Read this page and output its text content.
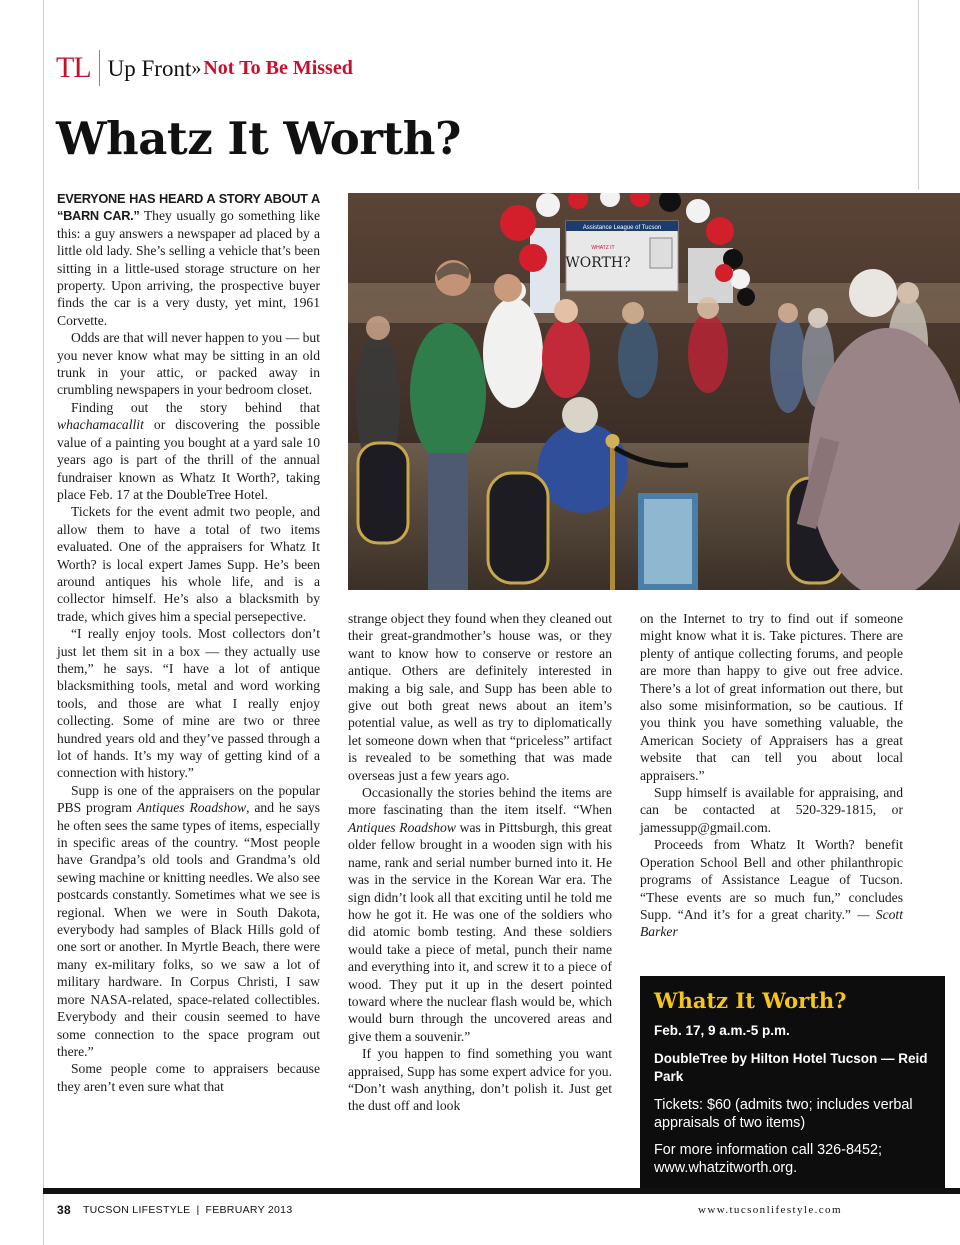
TL Up Front » Not To Be Missed
Whatz It Worth?

EVERYONE HAS HEARD A STORY ABOUT A “BARN CAR.” They usually go something like this: a guy answers a newspaper ad placed by a little old lady. She’s selling a vehicle that’s been sitting in a little-used storage structure on her property. Upon arriving, the prospective buyer finds the car is a very dusty, yet mint, 1961 Corvette.

Odds are that will never happen to you — but you never know what may be sitting in an old trunk in your attic, or packed away in crumbling newspapers in your bedroom closet.

Finding out the story behind that whachamacallit or discovering the possible value of a painting you bought at a yard sale 10 years ago is part of the thrill of the annual fundraiser known as Whatz It Worth?, taking place Feb. 17 at the DoubleTree Hotel.

Tickets for the event admit two people, and allow them to have a total of two items evaluated. One of the appraisers for Whatz It Worth? is local expert James Supp. He’s been around antiques his whole life, and is a collector himself. He’s also a blacksmith by trade, which gives him a special persepective.

“I really enjoy tools. Most collectors don’t just let them sit in a box — they actually use them,” he says. “I have a lot of antique blacksmithing tools, metal and word working tools, and those are what I really enjoy collecting. Some of mine are two or three hundred years old and they’ve passed through a lot of hands. It’s my way of getting kind of a connection with history.”

Supp is one of the appraisers on the popular PBS program Antiques Roadshow, and he says he often sees the same types of items, especially in specific areas of the country. “Most people have Grandpa’s old tools and Grandma’s old sewing machine or knitting needles. We also see postcards constantly. Sometimes what we see is regional. When we were in South Dakota, everybody had samples of Black Hills gold of one sort or another. In Myrtle Beach, there were many ex-military folks, so we saw a lot of military hardware. In Corpus Christi, I saw more NASA-related, space-related collectibles. Everybody and their cousin seemed to have some connection to the space program out there.”

Some people come to appraisers because they aren’t even sure what that

Assistance League of Tucson
WHATZ IT
WORTH?

strange object they found when they cleaned out their great-grandmother’s house was, or they want to know how to conserve or restore an antique. Others are definitely interested in making a big sale, and Supp has been able to give out both great news about an item’s potential value, as well as try to diplomatically let someone down when that “priceless” artifact is revealed to be something that was made overseas just a few years ago.

Occasionally the stories behind the items are more fascinating than the item itself. “When Antiques Roadshow was in Pittsburgh, this great older fellow brought in a wooden sign with his name, rank and serial number burned into it. He was in the service in the Korean War era. The sign didn’t look all that exciting until he told me how he got it. He was one of the soldiers who did atomic bomb testing. And these soldiers would take a piece of metal, punch their name and everything into it, and screw it to a piece of wood. They put it up in the desert pointed toward where the nuclear flash would be, which would burn through the uncovered areas and give them a souvenir.”

If you happen to find something you want appraised, Supp has some expert advice for you. “Don’t wash anything, don’t polish it. Just get the dust off and look

on the Internet to try to find out if someone might know what it is. Take pictures. There are plenty of antique collecting forums, and people are more than happy to give out free advice. There’s a lot of great information out there, but also some misinformation, so be cautious. If you think you have something valuable, the American Society of Appraisers has a great website that can tell you about local appraisers.”

Supp himself is available for appraising, and can be contacted at 520-329-1815, or jamessupp@gmail.com.

Proceeds from Whatz It Worth? benefit Operation School Bell and other philanthropic programs of Assistance League of Tucson. “These events are so much fun,” concludes Supp. “And it’s for a great charity.” — Scott Barker

Whatz It Worth?
Feb. 17, 9 a.m.-5 p.m.
DoubleTree by Hilton Hotel Tucson — Reid Park
Tickets: $60 (admits two; includes verbal appraisals of two items)
For more information call 326-8452; www.whatzitworth.org.
38 TUCSON LIFESTYLE | FEBRUARY 2013	www.tucsonlifestyle.com
